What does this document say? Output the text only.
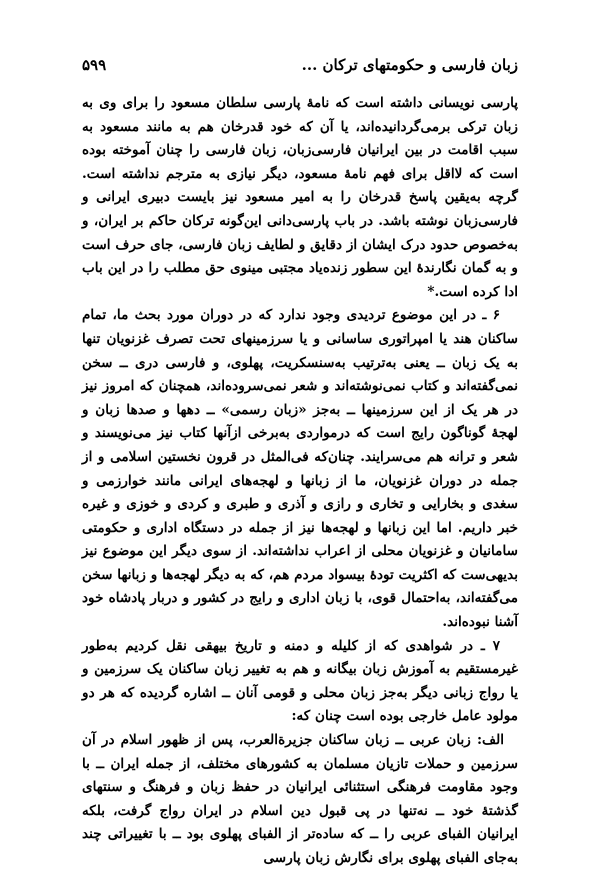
زبان فارسی و حکومتهای ترکان ...
۵۹۹

پارسی نویسانی داشته است که نامهٔ پارسی سلطان مسعود را برای وی به زبان ترکی برمی‌گردانیده‌اند، یا آن که خود قدرخان هم به مانند مسعود به سبب اقامت در بین ایرانیان فارسی‌زبان، زبان فارسی را چنان آموخته بوده است که لااقل برای فهم نامهٔ مسعود، دیگر نیازی به مترجم نداشته است. گرچه به‌یقین پاسخ قدرخان را به امیر مسعود نیز بایست دبیری ایرانی و فارسی‌زبان نوشته باشد. در باب پارسی‌دانی این‌گونه ترکان حاکم بر ایران، و به‌خصوص حدود درک ایشان از دقایق و لطایف زبان فارسی، جای حرف است و به گمان نگارندهٔ این سطور زنده‌یاد مجتبی مینوی حق مطلب را در این باب ادا کرده است.*

۶ ـ در این موضوع تردیدی وجود ندارد که در دوران مورد بحث ما، تمام ساکنان هند یا امپراتوری ساسانی و یا سرزمینهای تحت تصرف غزنویان تنها به یک زبان ــ یعنی به‌ترتیب به‌سنسکریت، پهلوی، و فارسی دری ــ سخن نمی‌گفته‌اند و کتاب نمی‌نوشته‌اند و شعر نمی‌سروده‌اند، همچنان که امروز نیز در هر یک از این سرزمینها ــ به‌جز «زبان رسمی» ــ دهها و صدها زبان و لهجهٔ گوناگون رایج است که درمواردی به‌برخی ازآنها کتاب نیز می‌نویسند و شعر و ترانه هم می‌سرایند. چنان‌که فی‌المثل در قرون نخستین اسلامی و از جمله در دوران غزنویان، ما از زبانها و لهجه‌های ایرانی مانند خوارزمی و سغدی و بخارایی و تخاری و رازی و آذری و طبری و کردی و خوزی و غیره خبر داریم. اما این زبانها و لهجه‌ها نیز از جمله در دستگاه اداری و حکومتی سامانیان و غزنویان محلی از اعراب نداشته‌اند. از سوی دیگر این موضوع نیز بدیهی‌ست که اکثریت تودهٔ بیسواد مردم هم، که به دیگر لهجه‌ها و زبانها سخن می‌گفته‌اند، به‌احتمال قوی، با زبان اداری و رایج در کشور و دربار پادشاه خود آشنا نبوده‌اند.

۷ ـ در شواهدی که از کلیله و دمنه و تاریخ بیهقی نقل کردیم به‌طور غیرمستقیم به آموزش زبان بیگانه و هم به تغییر زبان ساکنان یک سرزمین و یا رواج زبانی دیگر به‌جز زبان محلی و قومی آنان ــ اشاره گردیده که هر دو مولود عامل خارجی بوده است چنان که:

الف: زبان عربی ــ زبان ساکنان جزیرةالعرب، پس از ظهور اسلام در آن سرزمین و حملات تازیان مسلمان به کشورهای مختلف، از جمله ایران ــ با وجود مقاومت فرهنگی استثنائی ایرانیان در حفظ زبان و فرهنگ و سنتهای گذشتهٔ خود ــ نه‌تنها در پی قبول دین اسلام در ایران رواج گرفت، بلکه ایرانیان الفبای عربی را ــ که ساده‌تر از الفبای پهلوی بود ــ با تغییراتی چند به‌جای الفبای پهلوی برای نگارش زبان پارسی
